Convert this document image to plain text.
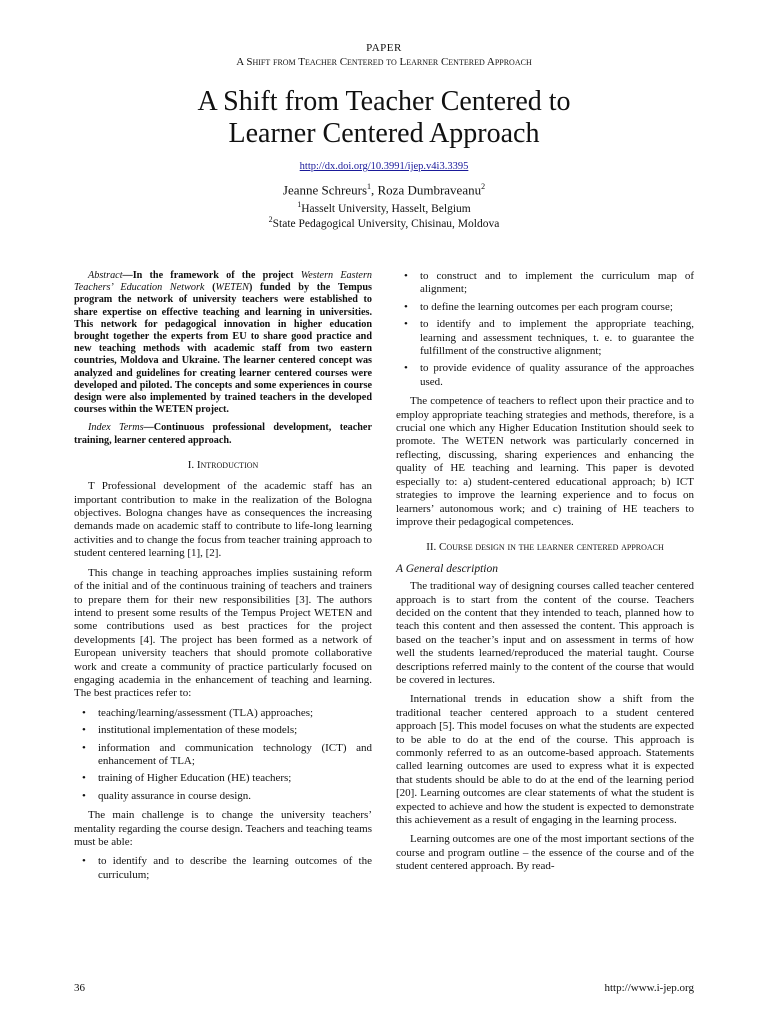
PAPER
A Shift from Teacher Centered to Learner Centered Approach
A Shift from Teacher Centered to
Learner Centered Approach
http://dx.doi.org/10.3991/ijep.v4i3.3395
Jeanne Schreurs$^1$, Roza Dumbraveanu$^2$
$^1$Hasselt University, Hasselt, Belgium
$^2$State Pedagogical University, Chisinau, Moldova

Abstract—In the framework of the project Western Eastern Teachers’ Education Network (WETEN) funded by the Tempus program the network of university teachers were established to share expertise on effective teaching and learning in universities. This network for pedagogical innovation in higher education brought together the experts from EU to share good practice and new teaching methods with academic staff from two eastern countries, Moldova and Ukraine. The learner centered concept was analyzed and guidelines for creating learner centered courses were developed and piloted. The concepts and some experiences in course design were also implemented by trained teachers in the developed courses within the WETEN project.

Index Terms—Continuous professional development, teacher training, learner centered approach.

I. Introduction

T Professional development of the academic staff has an important contribution to make in the realization of the Bologna objectives. Bologna changes have as consequences the increasing demands made on academic staff to contribute to life-long learning activities and to change the focus from teacher training approach to student centered learning [1], [2].

This change in teaching approaches implies sustaining reform of the initial and of the continuous training of teachers and trainers to prepare them for their new responsibilities [3]. The authors intend to present some results of the Tempus Project WETEN and some contributions used as best practices for the project developments [4]. The project has been formed as a network of European university teachers that should promote collaborative work and create a community of practice particularly focused on engaging academia in the enhancement of teaching and learning. The best practices refer to:

• teaching/learning/assessment (TLA) approaches;
• institutional implementation of these models;
• information and communication technology (ICT) and enhancement of TLA;
• training of Higher Education (HE) teachers;
• quality assurance in course design.

The main challenge is to change the university teachers’ mentality regarding the course design. Teachers and teaching teams must be able:

• to identify and to describe the learning outcomes of the curriculum;
• to construct and to implement the curriculum map of alignment;
• to define the learning outcomes per each program course;
• to identify and to implement the appropriate teaching, learning and assessment techniques, t. e. to guarantee the fulfillment of the constructive alignment;
• to provide evidence of quality assurance of the approaches used.

The competence of teachers to reflect upon their practice and to employ appropriate teaching strategies and methods, therefore, is a crucial one which any Higher Education Institution should seek to promote. The WETEN network was particularly concerned in reflecting, discussing, sharing experiences and enhancing the quality of HE teaching and learning. This paper is devoted especially to: a) student-centered educational approach; b) ICT strategies to improve the learning experience and to focus on learners’ autonomous work; and c) training of HE teachers to improve their pedagogical competences.

II. Course design in the learner centered approach
A General description

The traditional way of designing courses called teacher centered approach is to start from the content of the course. Teachers decided on the content that they intended to teach, planned how to teach this content and then assessed the content. This approach is based on the teacher’s input and on assessment in terms of how well the students learned/reproduced the material taught. Course descriptions referred mainly to the content of the course that would be covered in lectures.

International trends in education show a shift from the traditional teacher centered approach to a student centered approach [5]. This model focuses on what the students are expected to be able to do at the end of the course. This approach is commonly referred to as an outcome-based approach. Statements called learning outcomes are used to express what it is expected that students should be able to do at the end of the learning period [20]. Learning outcomes are clear statements of what the student is expected to achieve and how the student is expected to demonstrate this achievement as a result of engaging in the learning process.

Learning outcomes are one of the most important sections of the course and program outline – the essence of the course and of the student centered approach. By read-

36	http://www.i-jep.org
